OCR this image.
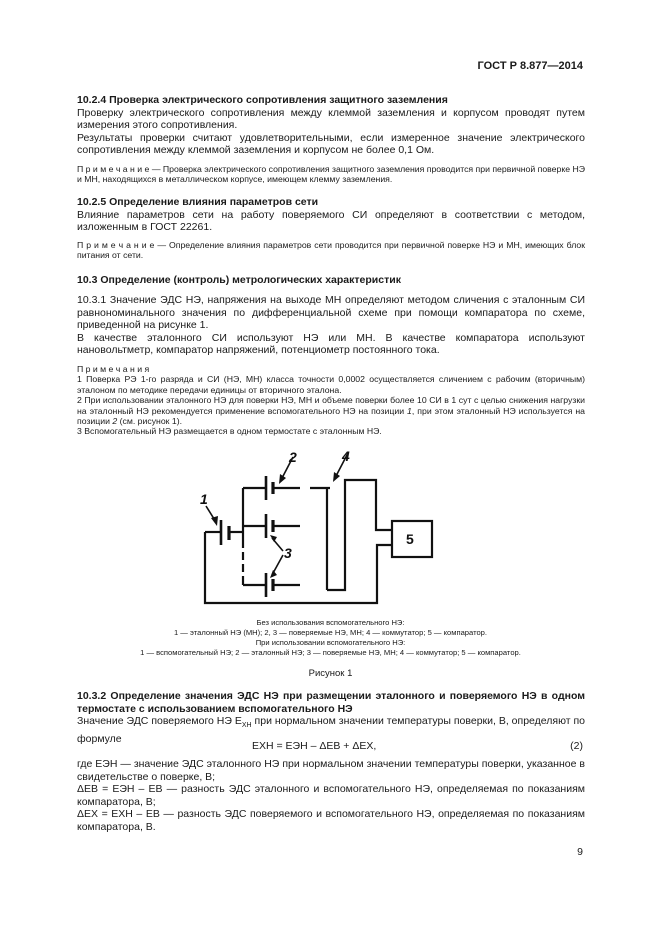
ГОСТ Р 8.877—2014

10.2.4 Проверка электрического сопротивления защитного заземления

Проверку электрического сопротивления между клеммой заземления и корпусом проводят путем измерения этого сопротивления.

Результаты проверки считают удовлетворительными, если измеренное значение электрического сопротивления между клеммой заземления и корпусом не более 0,1 Ом.

П р и м е ч а н и е — Проверка электрического сопротивления защитного заземления проводится при первичной поверке НЭ и МН, находящихся в металлическом корпусе, имеющем клемму заземления.

10.2.5 Определение влияния параметров сети

Влияние параметров сети на работу поверяемого СИ определяют в соответствии с методом, изложенным в ГОСТ 22261.

П р и м е ч а н и е — Определение влияния параметров сети проводится при первичной поверке НЭ и МН, имеющих блок питания от сети.

10.3 Определение (контроль) метрологических характеристик

10.3.1 Значение ЭДС НЭ, напряжения на выходе МН определяют методом сличения с эталонным СИ равнономинального значения по дифференциальной схеме при помощи компаратора по схеме, приведенной на рисунке 1.

В качестве эталонного СИ используют НЭ или МН. В качестве компаратора используют нановольтметр, компаратор напряжений, потенциометр постоянного тока.

П р и м е ч а н и я

1 Поверка РЭ 1-го разряда и СИ (НЭ, МН) класса точности 0,0002 осуществляется сличением с рабочим (вторичным) эталоном по методике передачи единицы от вторичного эталона.

2 При использовании эталонного НЭ для поверки НЭ, МН и объеме поверки более 10 СИ в 1 сут с целью снижения нагрузки на эталонный НЭ рекомендуется применение вспомогательного НЭ на позиции 1, при этом эталонный НЭ используется на позиции 2 (см. рисунок 1).

3 Вспомогательный НЭ размещается в одном термостате с эталонным НЭ.

2	4
1
3
5
Без использования вспомогательного НЭ:
1 — эталонный НЭ (МН); 2, 3 — поверяемые НЭ, МН; 4 — коммутатор; 5 — компаратор.
При использовании вспомогательного НЭ:
1 — вспомогательный НЭ; 2 — эталонный НЭ; 3 — поверяемые НЭ, МН; 4 — коммутатор; 5 — компаратор.
Рисунок 1

10.3.2 Определение значения ЭДС НЭ при размещении эталонного и поверяемого НЭ в одном термостате с использованием вспомогательного НЭ

Значение ЭДС поверяемого НЭ $E_{ХН}$ при нормальном значении температуры поверки, В, определяют по формуле

EХН = EЭН – ΔEВ + ΔEХ,	(2)

где EЭН — значение ЭДС эталонного НЭ при нормальном значении температуры поверки, указанное в свидетельстве о поверке, В;

ΔEВ = EЭН – EВ — разность ЭДС эталонного и вспомогательного НЭ, определяемая по показаниям компаратора, В;

ΔEХ = EХН – EВ — разность ЭДС поверяемого и вспомогательного НЭ, определяемая по показаниям компаратора, В.

9
